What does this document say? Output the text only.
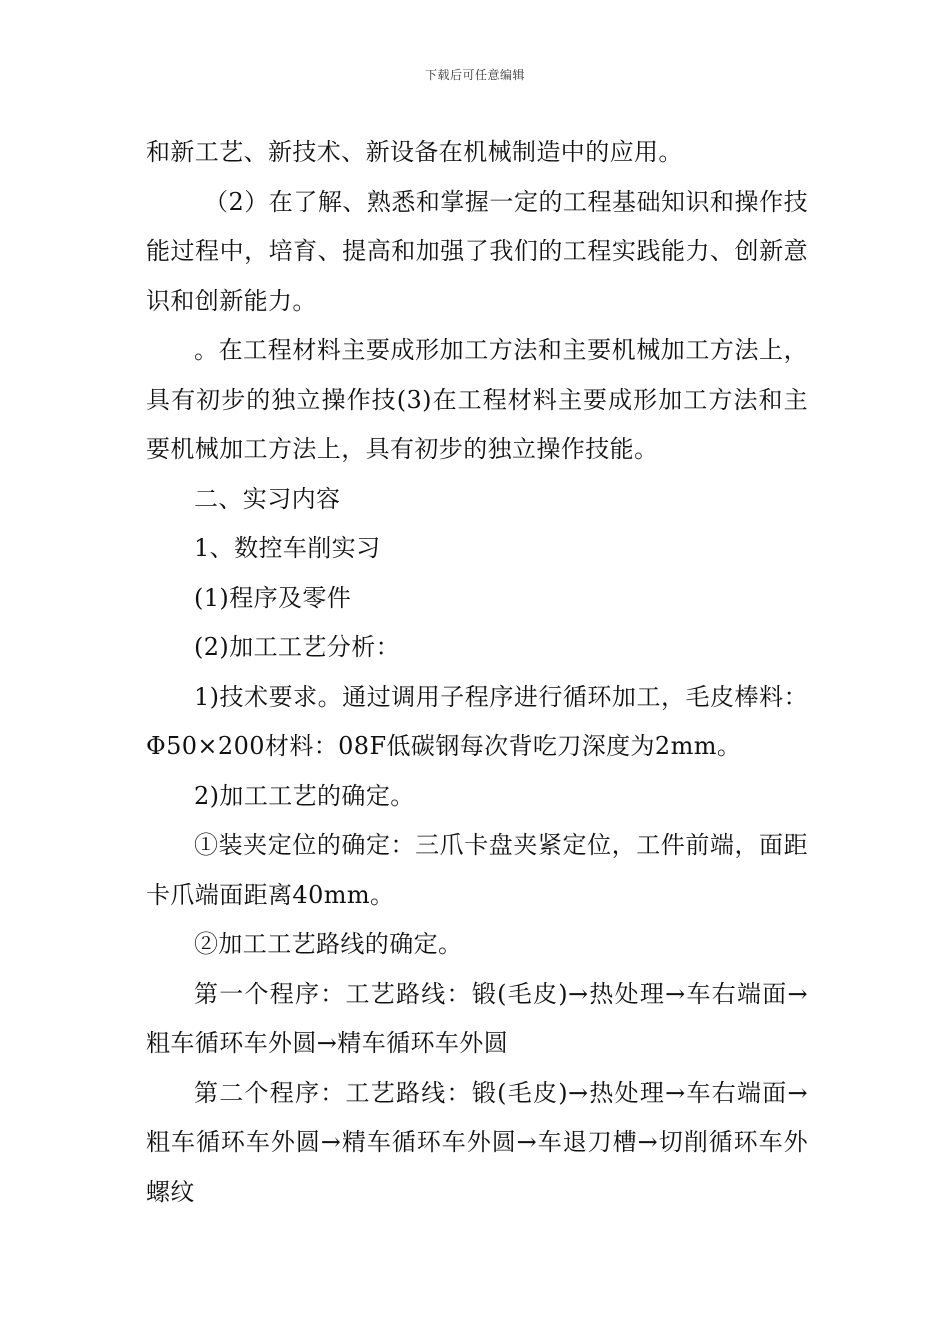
下载后可任意编辑

和新工艺、新技术、新设备在机械制造中的应用。

（2）在了解、熟悉和掌握一定的工程基础知识和操作技能过程中，培育、提高和加强了我们的工程实践能力、创新意识和创新能力。

。在工程材料主要成形加工方法和主要机械加工方法上，具有初步的独立操作技(3)在工程材料主要成形加工方法和主要机械加工方法上，具有初步的独立操作技能。

二、实习内容

1、数控车削实习

(1)程序及零件

(2)加工工艺分析：

1)技术要求。通过调用子程序进行循环加工，毛皮棒料：Φ50×200材料：08F低碳钢每次背吃刀深度为2mm。

2)加工工艺的确定。

①装夹定位的确定：三爪卡盘夹紧定位，工件前端，面距卡爪端面距离40mm。

②加工工艺路线的确定。

第一个程序：工艺路线：锻(毛皮)→热处理→车右端面→粗车循环车外圆→精车循环车外圆

第二个程序：工艺路线：锻(毛皮)→热处理→车右端面→粗车循环车外圆→精车循环车外圆→车退刀槽→切削循环车外螺纹
